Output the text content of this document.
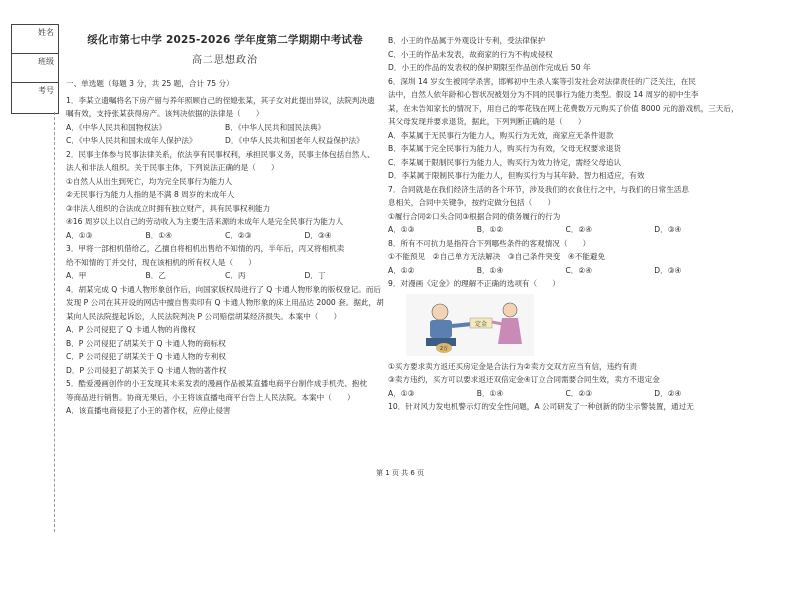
姓名
班级
考号
绥化市第七中学 2025-2026 学年度第二学期期中考试卷
高二思想政治
一、单选题（每题 3 分，共 25 题，合计 75 分）

1．李某立遗嘱将名下房产留与养年照顾自己的侄媳张某，其子女对此提出异议，法院判决遗

嘱有效，支持张某获得房产。该判决依据的法律是（　　）

A．《中华人民共和国物权法》	B．《中华人民共和国民法典》
C．《中华人民共和国未成年人保护法》	D．《中华人民共和国老年人权益保护法》

2．民事主体参与民事法律关系，依法享有民事权利，承担民事义务，民事主体包括自然人、

法人和非法人组织。关于民事主体，下列说法正确的是（　　）

①自然人从出生到死亡，均为完全民事行为能力人

②无民事行为能力人指的是不满 8 周岁的未成年人

③非法人组织的合法成立时拥有独立财产，具有民事权利能力

④16 周岁以上以自己的劳动收入为主要生活来源的未成年人是完全民事行为能力人

A．①③	B．①④	C．②③	D．③④

3．甲将一部相机借给乙，乙擅自将相机出售给不知情的丙，半年后，丙又将相机卖

给不知情的丁并交付，现在该相机的所有权人是（　　）

A．甲	B．乙	C．丙	D．丁

4．胡某完成 Q 卡通人物形象创作后，向国家版权局进行了 Q 卡通人物形象的版权登记。而后

发现 P 公司在其开设的网店中擅自售卖印有 Q 卡通人物形象的床上用品达 2000 套。据此，胡

某向人民法院提起诉讼，人民法院判决 P 公司赔偿胡某经济损失。本案中（　　）

A．P 公司侵犯了 Q 卡通人物的肖像权

B．P 公司侵犯了胡某关于 Q 卡通人物的商标权

C．P 公司侵犯了胡某关于 Q 卡通人物的专利权

D．P 公司侵犯了胡某关于 Q 卡通人物的著作权

5．酷爱漫画创作的小王发现其未来发表的漫画作品被某直播电商平台制作成手机壳、抱枕

等商品进行销售。协商无果后，小王将该直播电商平台告上人民法院。本案中（　　）

A．该直播电商侵犯了小王的著作权，应停止侵害

B．小王的作品属于外观设计专利，受法律保护

C．小王的作品未发表，故商家的行为不构成侵权

D．小王的作品的发表权的保护期限至作品创作完成后 50 年

6．深圳 14 岁女生被同学杀害，邯郸初中生杀人案等引发社会对法律责任的广泛关注，在民

法中，自然人依年龄和心智状况被划分为不同的民事行为能力类型。假设 14 周岁的初中生李

某，在未告知家长的情况下，用自己的零花钱在网上花费数万元购买了价值 8000 元的游戏机，三天后，

其父母发现并要求退货，据此，下列判断正确的是（　　）

A．李某属于无民事行为能力人，购买行为无效，商家应无条件退款

B．李某属于完全民事行为能力人，购买行为有效，父母无权要求退货

C．李某属于限制民事行为能力人，购买行为效力待定，需经父母追认

D．李某属于限制民事行为能力人，但购买行为与其年龄、智力相适应，有效

7．合同就是在我们经济生活的各个环节，涉及我们的衣食住行之中，与我们的日常生活息

息相关，合同中关键争，按约定做分包括（　　）

①履行合同②口头合同③根据合同的债务履行的行为

A．①③	B．①②	C．②④	D．③④

8．所有不可抗力是指符合下列哪些条件的客观情况（　　）

①不能预见　②自己单方无法解决　③自己条件突变　④不能避免

A．①②	B．①④	C．②④	D．③④

9．对漫画《定金》的理解不正确的选项有（　　）

定金
2万

①买方要求卖方返还买房定金是合法行为②卖方交双方应当有信，违约有责

③卖方违约，买方可以要求返还双倍定金④订立合同需要合同生效，卖方不退定金

A．①③	B．①④	C．②③	D．②④

10．针对风力发电机警示灯的安全性问题，A 公司研发了一种创新的防尘示警装置，通过无

第 1 页 共 6 页
